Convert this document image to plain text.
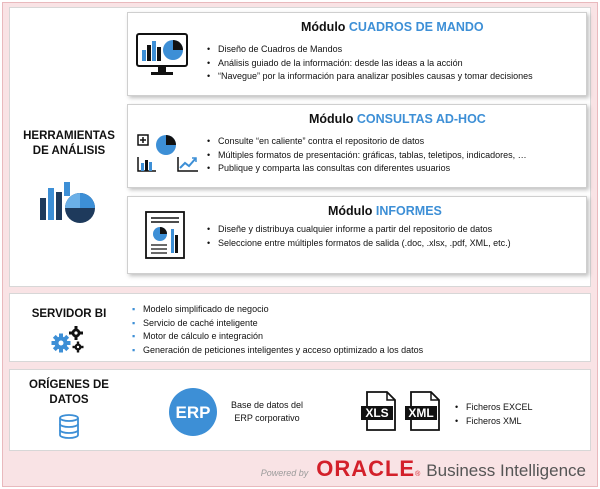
HERRAMIENTAS DE ANÁLISIS
Módulo CUADROS DE MANDO
• Diseño de Cuadros de Mandos
• Análisis guiado de la información: desde las ideas a la acción
• “Navegue” por la información para analizar posibles causas y tomar decisiones
Módulo CONSULTAS AD-HOC
• Consulte “en caliente” contra el repositorio de datos
• Múltiples formatos de presentación: gráficas, tablas, teletipos, indicadores, …
• Publique y comparta las consultas con diferentes usuarios
Módulo INFORMES
• Diseñe y distribuya cualquier informe a partir del repositorio de datos
• Seleccione entre múltiples formatos de salida (.doc, .xlsx, .pdf, XML, etc.)
SERVIDOR BI	▪ Modelo simplificado de negocio
▪ Servicio de caché inteligente
▪ Motor de cálculo e integración
▪ Generación de peticiones inteligentes y acceso optimizado a los datos
ORÍGENES DE DATOS
ERP	Base de datos del ERP corporativo	XLS XML	• Ficheros EXCEL
• Ficheros XML
Powered by ORACLE ® Business Intelligence
